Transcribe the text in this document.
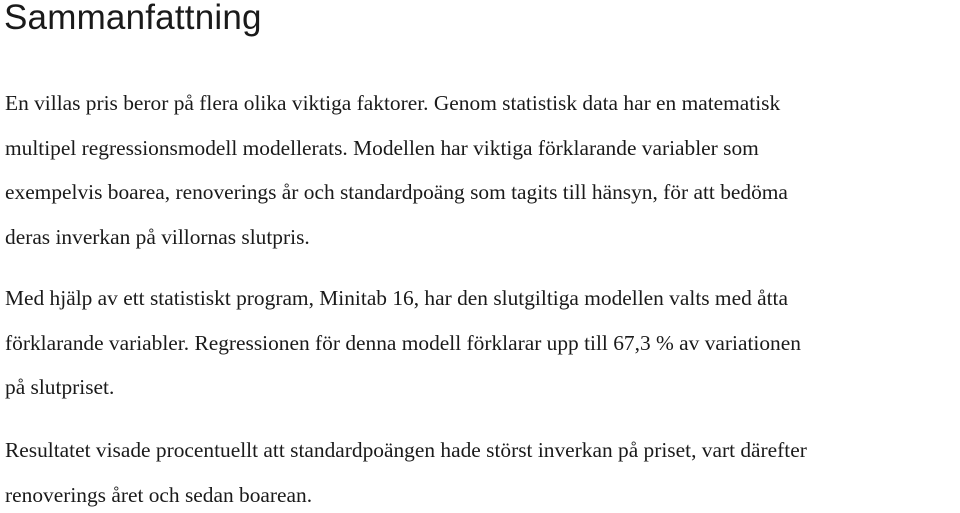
Sammanfattning

En villas pris beror på flera olika viktiga faktorer. Genom statistisk data har en matematisk
multipel regressionsmodell modellerats. Modellen har viktiga förklarande variabler som
exempelvis boarea, renoverings år och standardpoäng som tagits till hänsyn, för att bedöma
deras inverkan på villornas slutpris.

Med hjälp av ett statistiskt program, Minitab 16, har den slutgiltiga modellen valts med åtta
förklarande variabler. Regressionen för denna modell förklarar upp till 67,3 % av variationen
på slutpriset.

Resultatet visade procentuellt att standardpoängen hade störst inverkan på priset, vart därefter
renoverings året och sedan boarean.
